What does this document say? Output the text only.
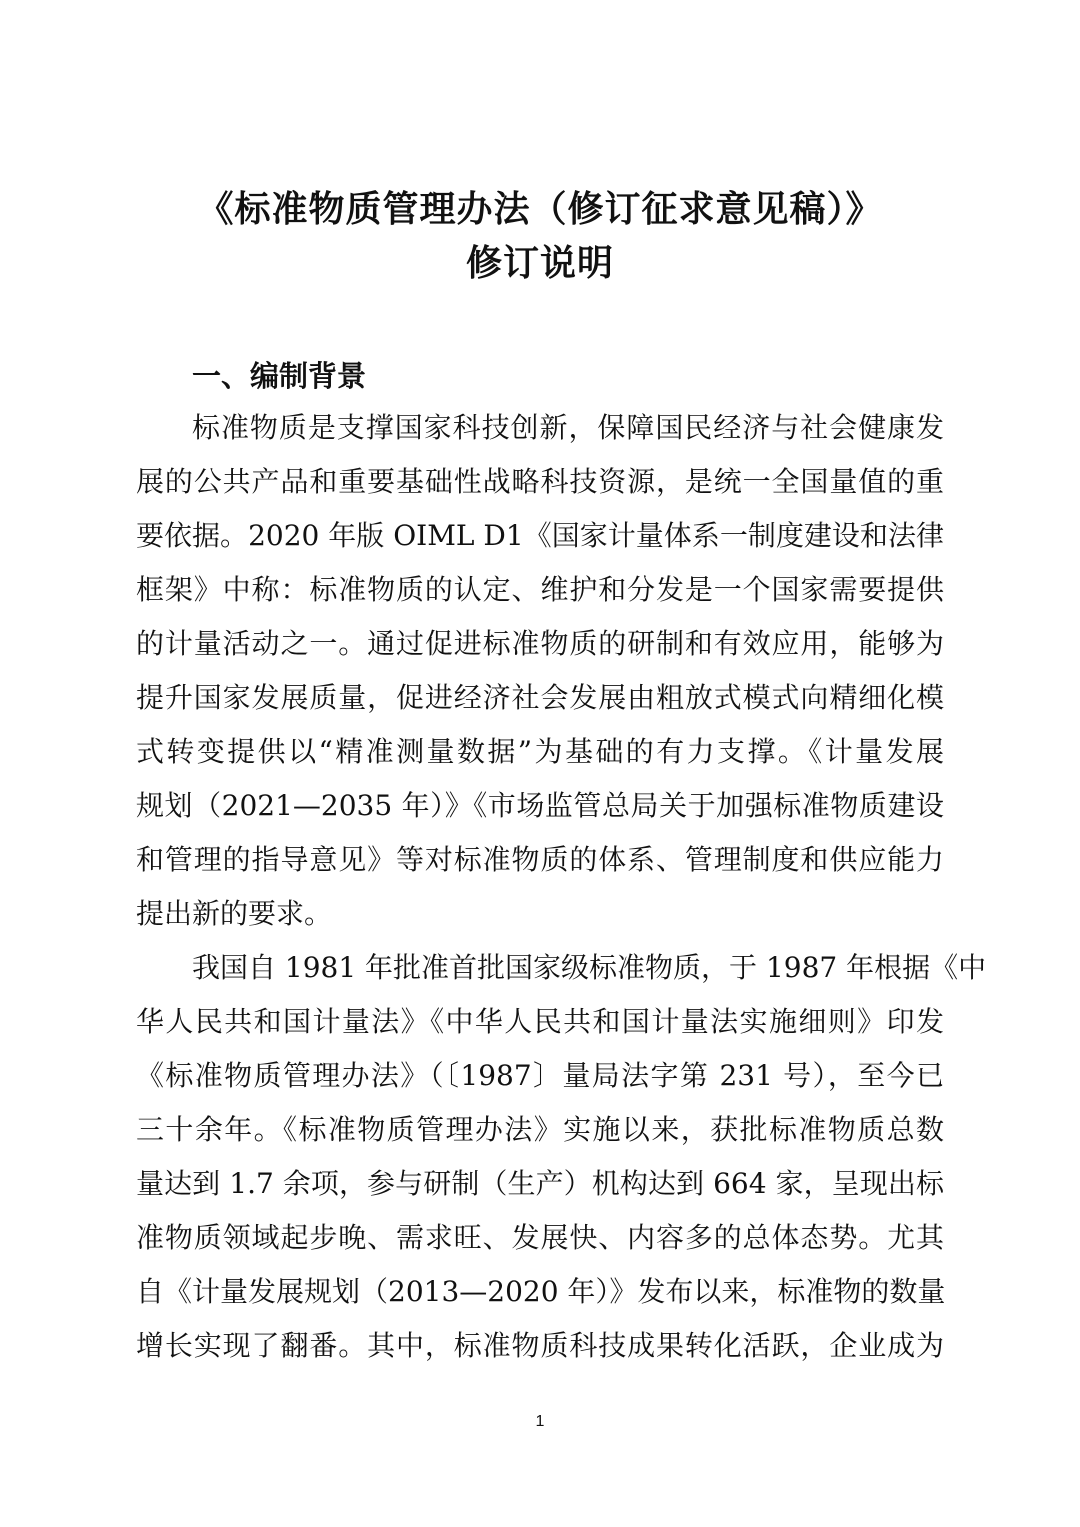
《标准物质管理办法（修订征求意见稿）》
修订说明
一、编制背景
标准物质是支撑国家科技创新，保障国民经济与社会健康发
展的公共产品和重要基础性战略科技资源，是统一全国量值的重
要依据。2020 年版 OIML D1《国家计量体系一制度建设和法律
框架》中称：标准物质的认定、维护和分发是一个国家需要提供
的计量活动之一。通过促进标准物质的研制和有效应用，能够为
提升国家发展质量，促进经济社会发展由粗放式模式向精细化模
式转变提供以“精准测量数据”为基础的有力支撑。《计量发展
规划（2021—2035 年）》《市场监管总局关于加强标准物质建设
和管理的指导意见》等对标准物质的体系、管理制度和供应能力
提出新的要求。
我国自 1981 年批准首批国家级标准物质，于 1987 年根据《中
华人民共和国计量法》《中华人民共和国计量法实施细则》印发
《标准物质管理办法》（〔1987〕量局法字第 231 号），至今已
三十余年。《标准物质管理办法》实施以来，获批标准物质总数
量达到 1.7 余项，参与研制（生产）机构达到 664 家，呈现出标
准物质领域起步晚、需求旺、发展快、内容多的总体态势。尤其
自《计量发展规划（2013—2020 年）》发布以来，标准物的数量
增长实现了翻番。其中，标准物质科技成果转化活跃，企业成为
1
